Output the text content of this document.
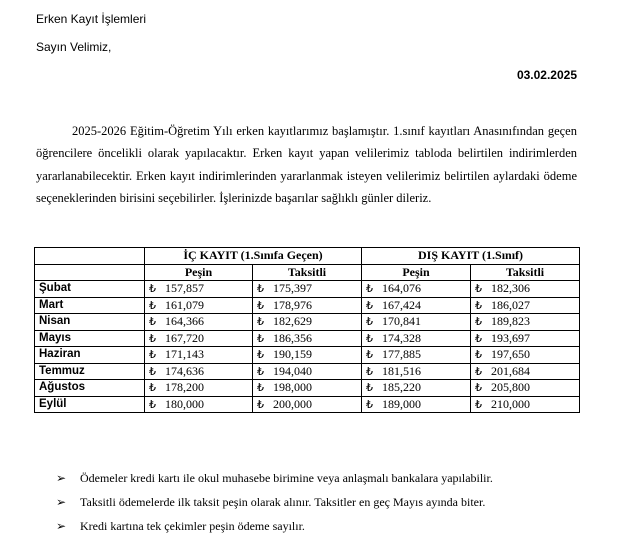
Erken Kayıt İşlemleri
Sayın Velimiz,
03.02.2025

2025-2026 Eğitim-Öğretim Yılı erken kayıtlarımız başlamıştır. 1.sınıf kayıtları Anasınıfından geçen öğrencilere öncelikli olarak yapılacaktır. Erken kayıt yapan velilerimiz tabloda belirtilen indirimlerden yararlanabilecektir. Erken kayıt indirimlerinden yararlanmak isteyen velilerimiz belirtilen aylardaki ödeme seçeneklerinden birisini seçebilirler. İşlerinizde başarılar sağlıklı günler dileriz.

	İÇ KAYIT (1.Sınıfa Geçen)		DIŞ KAYIT (1.Sınıf)	
	Peşin	Taksitli	Peşin	Taksitli
Şubat	₺ 157,857	₺ 175,397	₺ 164,076	₺ 182,306
Mart	₺ 161,079	₺ 178,976	₺ 167,424	₺ 186,027
Nisan	₺ 164,366	₺ 182,629	₺ 170,841	₺ 189,823
Mayıs	₺ 167,720	₺ 186,356	₺ 174,328	₺ 193,697
Haziran	₺ 171,143	₺ 190,159	₺ 177,885	₺ 197,650
Temmuz	₺ 174,636	₺ 194,040	₺ 181,516	₺ 201,684
Ağustos	₺ 178,200	₺ 198,000	₺ 185,220	₺ 205,800
Eylül	₺ 180,000	₺ 200,000	₺ 189,000	₺ 210,000
➢ Ödemeler kredi kartı ile okul muhasebe birimine veya anlaşmalı bankalara yapılabilir.
➢ Taksitli ödemelerde ilk taksit peşin olarak alınır. Taksitler en geç Mayıs ayında biter.
➢ Kredi kartına tek çekimler peşin ödeme sayılır.
